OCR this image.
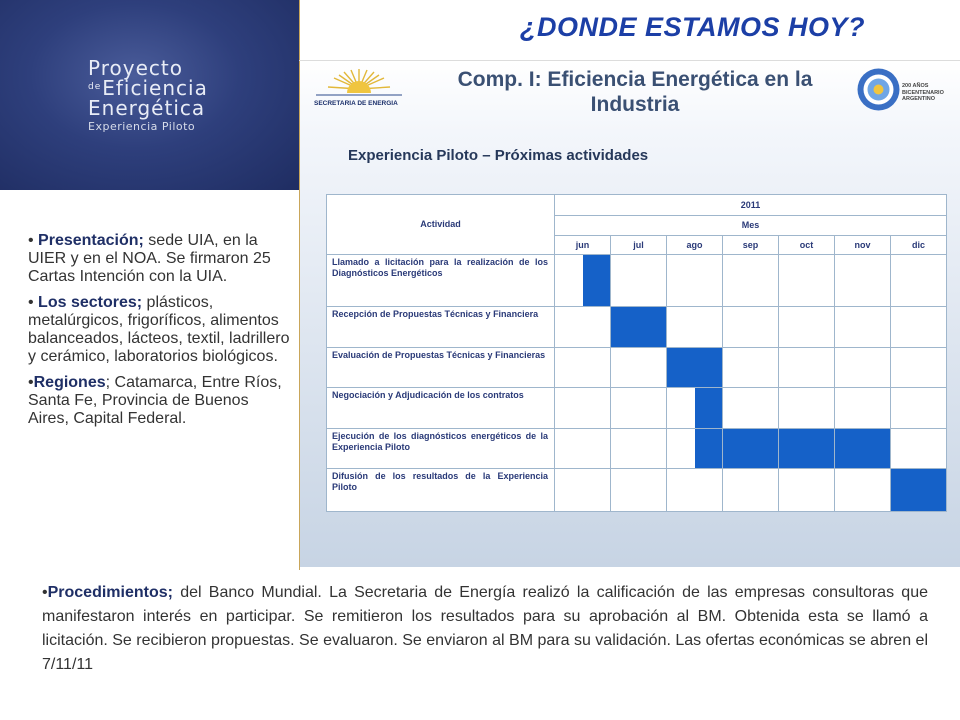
Proyecto
$^{de}$Eficiencia
Energética
Experiencia Piloto
¿DONDE ESTAMOS HOY?
SECRETARIA DE ENERGIA
Comp. I: Eficiencia Energética en la Industria
200 AÑOS
BICENTENARIO
ARGENTINO
Experiencia Piloto – Próximas actividades
Actividad	2011						
	Mes						
	jun	jul	ago	sep	oct	nov	dic
Llamado a licitación para la realización de los Diagnósticos Energéticos	

Recepción de Propuestas Técnicas y Financiera		

Evaluación de Propuestas Técnicas y Financieras			

Negociación y Adjudicación de los contratos			

Ejecución de los diagnósticos energéticos de la Experiencia Piloto			

Difusión de los resultados de la Experiencia Piloto							
• Presentación; sede UIA, en la UIER y en el NOA. Se firmaron 25 Cartas Intención con la UIA.
• Los sectores; plásticos, metalúrgicos, frigoríficos, alimentos balanceados, lácteos, textil, ladrillero y cerámico, laboratorios biológicos.
•Regiones; Catamarca, Entre Ríos, Santa Fe, Provincia de Buenos Aires, Capital Federal.
•Procedimientos; del Banco Mundial. La Secretaria de Energía realizó la calificación de las empresas consultoras que manifestaron interés en participar. Se remitieron los resultados para su aprobación al BM. Obtenida esta se llamó a licitación. Se recibieron propuestas. Se evaluaron. Se enviaron al BM para su validación. Las ofertas económicas se abren el 7/11/11
